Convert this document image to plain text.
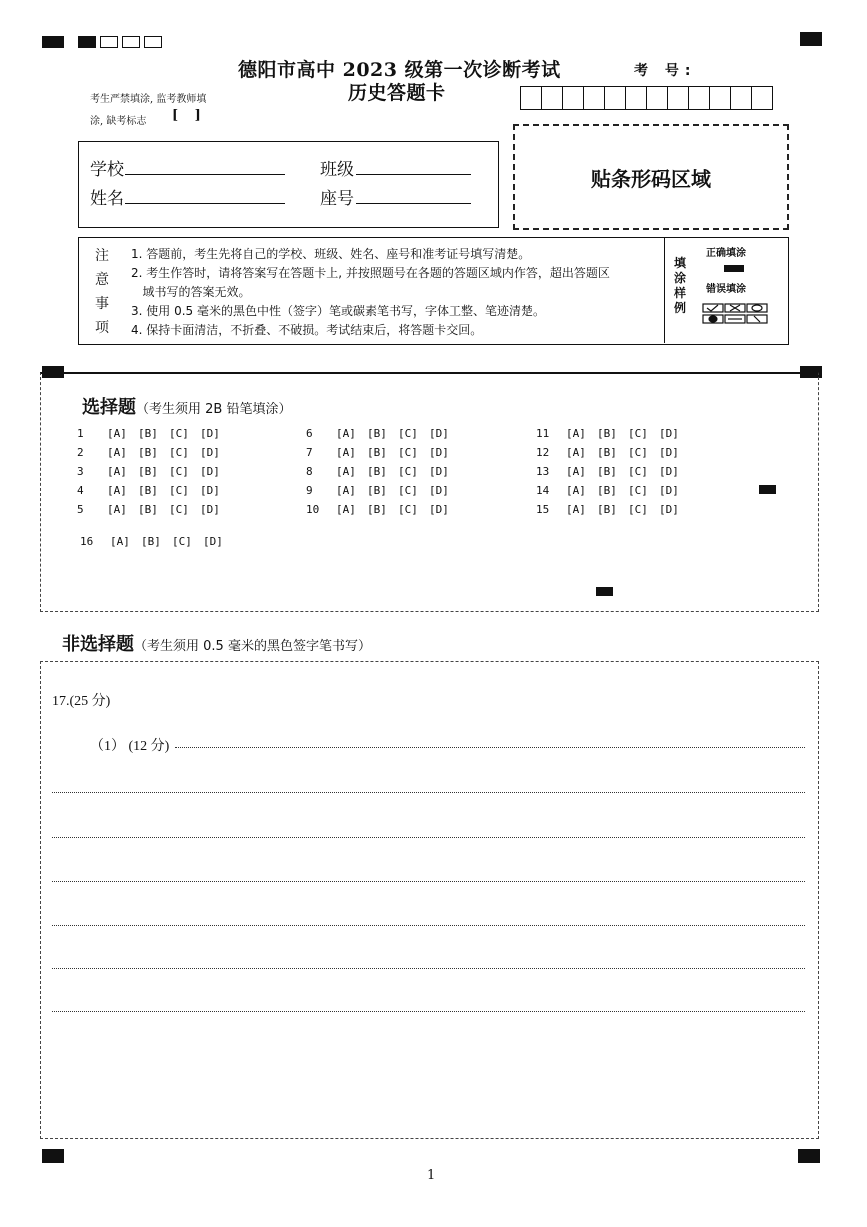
德阳市高中 2023 级第一次诊断考试
历史答题卡
考 号:
考生严禁填涂, 监考教师填
涂, 缺考标志 [ ]
学校	班级
姓名	座号
贴条形码区域
注
意
事
项
1. 答题前，考生先将自己的学校、班级、姓名、座号和准考证号填写清楚。
2. 考生作答时，请将答案写在答题卡上, 并按照题号在各题的答题区域内作答，超出答题区
域书写的答案无效。
3. 使用 0.5 毫米的黑色中性（签字）笔或碳素笔书写，字体工整、笔迹清楚。
4. 保持卡面清洁，不折叠、不破损。考试结束后，将答题卡交回。
填
涂
样
例
正确填涂
错误填涂
选择题（考生须用 2B 铅笔填涂）
1 [A] [B] [C] [D]
2 [A] [B] [C] [D]
3 [A] [B] [C] [D]
4 [A] [B] [C] [D]
5 [A] [B] [C] [D]
6 [A] [B] [C] [D]
7 [A] [B] [C] [D]
8 [A] [B] [C] [D]
9 [A] [B] [C] [D]
10 [A] [B] [C] [D]
11 [A] [B] [C] [D]
12 [A] [B] [C] [D]
13 [A] [B] [C] [D]
14 [A] [B] [C] [D]
15 [A] [B] [C] [D]
16 [A] [B] [C] [D]
非选择题（考生须用 0.5 毫米的黑色签字笔书写）
17.(25 分)
（1） (12 分)
1
